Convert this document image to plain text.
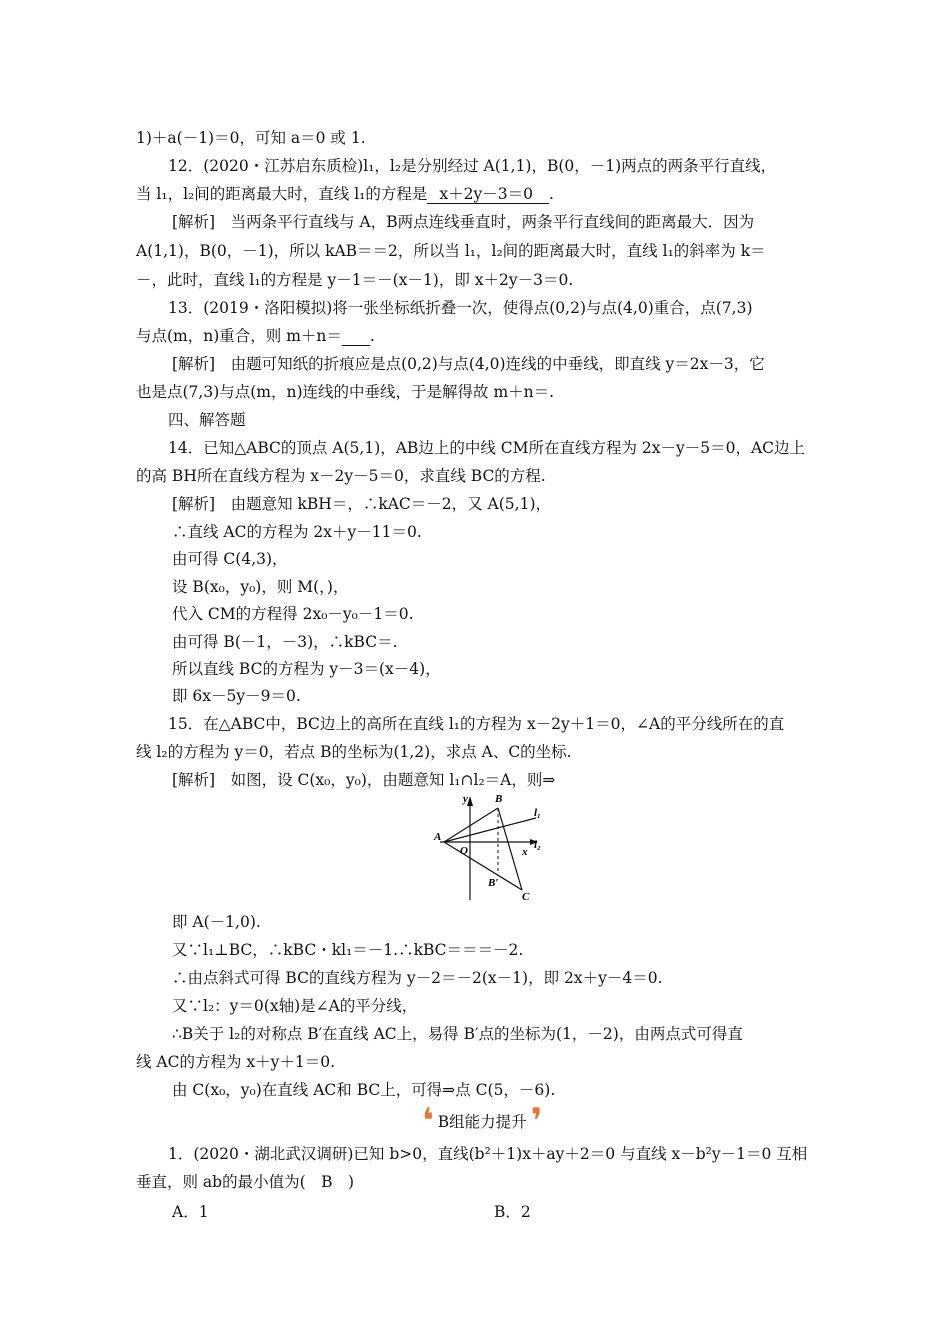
1)＋a(－1)＝0，可知 a＝0 或 1.
12．(2020・江苏启东质检)l₁，l₂是分别经过 A(1,1)，B(0，－1)两点的两条平行直线，
当 l₁，l₂间的距离最大时，直线 l₁的方程是 x＋2y－3＝0 .
[解析]　当两条平行直线与 A，B两点连线垂直时，两条平行直线间的距离最大．因为
A(1,1)，B(0，－1)，所以 kAB＝＝2，所以当 l₁，l₂间的距离最大时，直线 l₁的斜率为 k＝
－，此时，直线 l₁的方程是 y－1＝－(x－1)，即 x＋2y－3＝0.
13．(2019・洛阳模拟)将一张坐标纸折叠一次，使得点(0,2)与点(4,0)重合，点(7,3)
与点(m，n)重合，则 m＋n＝ .
[解析]　由题可知纸的折痕应是点(0,2)与点(4,0)连线的中垂线，即直线 y＝2x－3，它
也是点(7,3)与点(m，n)连线的中垂线，于是解得故 m＋n＝.
四、解答题
14．已知△ABC的顶点 A(5,1)，AB边上的中线 CM所在直线方程为 2x－y－5＝0，AC边上
的高 BH所在直线方程为 x－2y－5＝0，求直线 BC的方程.
[解析]　由题意知 kBH＝，∴kAC＝－2，又 A(5,1)，
∴直线 AC的方程为 2x＋y－11＝0.
由可得 C(4,3)，
设 B(x₀，y₀)，则 M(，)，
代入 CM的方程得 2x₀－y₀－1＝0.
由可得 B(－1，－3)，∴kBC＝.
所以直线 BC的方程为 y－3＝(x－4)，
即 6x－5y－9＝0.
15．在△ABC中，BC边上的高所在直线 l₁的方程为 x－2y＋1＝0，∠A的平分线所在的直
线 l₂的方程为 y＝0，若点 B的坐标为(1,2)，求点 A、C的坐标.
[解析]　如图，设 C(x₀，y₀)，由题意知 l₁∩l₂＝A，则⇒
y B
l₁
A
O	l₂
x
B′
C
即 A(－1,0).
又∵l₁⊥BC，∴kBC・kl₁＝－1.∴kBC＝＝＝－2.
∴由点斜式可得 BC的直线方程为 y－2＝－2(x－1)，即 2x＋y－4＝0.
又∵l₂：y＝0(x轴)是∠A的平分线，
∴B关于 l₂的对称点 B′在直线 AC上，易得 B′点的坐标为(1，－2)，由两点式可得直
线 AC的方程为 x＋y＋1＝0.
由 C(x₀，y₀)在直线 AC和 BC上，可得⇒点 C(5，－6).
❛ B组能力提升 ❜
1．(2020・湖北武汉调研)已知 b>0，直线(b²＋1)x＋ay＋2＝0 与直线 x－b²y－1＝0 互相
垂直，则 ab的最小值为(　B　)
A．1	B．2
